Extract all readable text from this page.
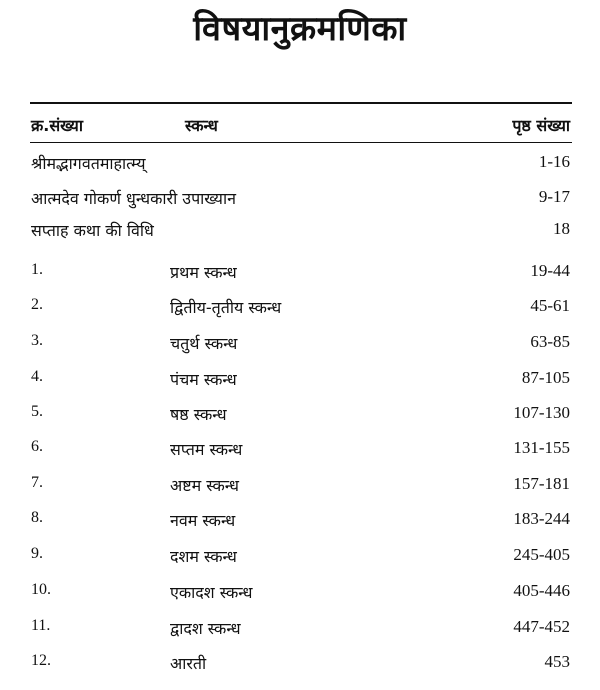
विषयानुक्रमणिका
क्र.संख्या	स्कन्ध	पृष्ठ संख्या
श्रीमद्भागवतमाहात्म्य्	1-16
आत्मदेव गोकर्ण धुन्धकारी उपाख्यान	9-17
सप्ताह कथा की विधि	18
1.	प्रथम स्कन्ध	19-44
2.	द्वितीय-तृतीय स्कन्ध	45-61
3.	चतुर्थ स्कन्ध	63-85
4.	पंचम स्कन्ध	87-105
5.	षष्ठ स्कन्ध	107-130
6.	सप्तम स्कन्ध	131-155
7.	अष्टम स्कन्ध	157-181
8.	नवम स्कन्ध	183-244
9.	दशम स्कन्ध	245-405
10.	एकादश स्कन्ध	405-446
11.	द्वादश स्कन्ध	447-452
12.	आरती	453
